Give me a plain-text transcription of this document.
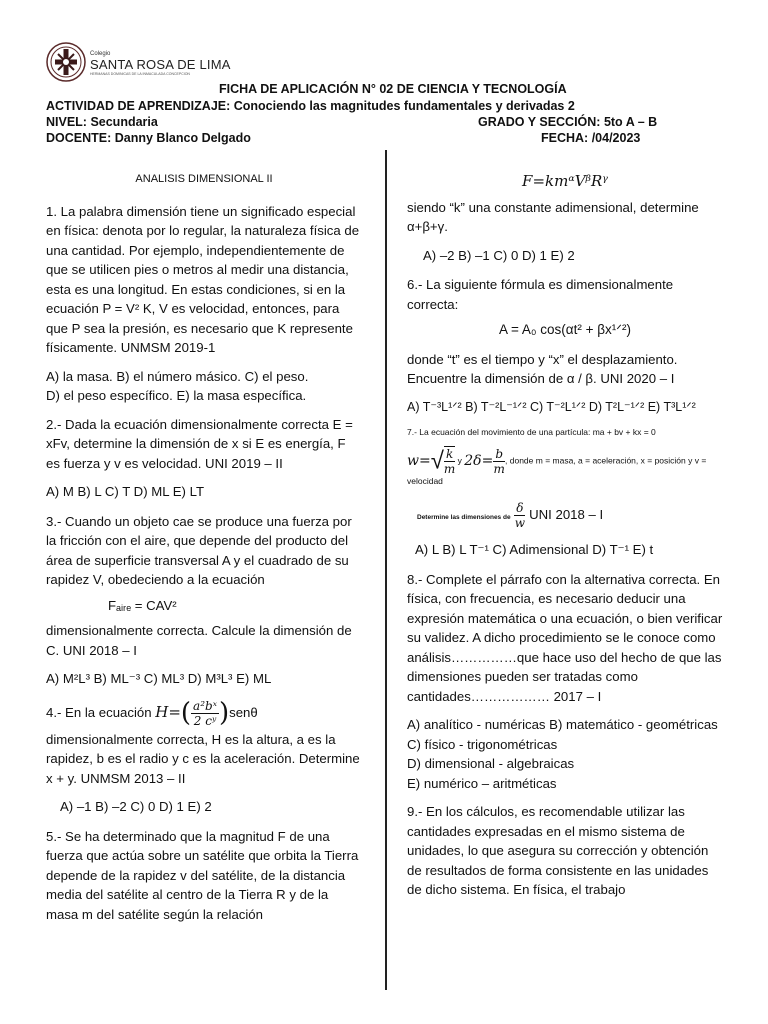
Colegio
SANTA ROSA DE LIMA
HERMANAS DOMINICAS DE LA INMACULADA CONCEPCION
FICHA DE APLICACIÓN N° 02 DE CIENCIA Y TECNOLOGÍA
ACTIVIDAD DE APRENDIZAJE: Conociendo las magnitudes fundamentales y derivadas 2
NIVEL: Secundaria	GRADO Y SECCIÓN: 5to A – B
DOCENTE: Danny Blanco Delgado	FECHA: /04/2023

ANALISIS DIMENSIONAL II

1. La palabra dimensión tiene un significado especial en física: denota por lo regular, la naturaleza física de una cantidad. Por ejemplo, independientemente de que se utilicen pies o metros al medir una distancia, esta es una longitud. En estas condiciones, si en la ecuación P = V² K, V es velocidad, entonces, para que P sea la presión, es necesario que K represente físicamente. UNMSM 2019-1

A) la masa. B) el número másico. C) el peso.
D) el peso específico. E) la masa específica.

2.- Dada la ecuación dimensionalmente correcta E = xFv, determine la dimensión de x si E es energía, F es fuerza y v es velocidad. UNI 2019 – II

A) M B) L C) T D) ML E) LT

3.- Cuando un objeto cae se produce una fuerza por la fricción con el aire, que depende del producto del área de superficie transversal A y el cuadrado de su rapidez V, obedeciendo a la ecuación

Fₐᵢᵣₑ = CAV²

dimensionalmente correcta. Calcule la dimensión de C. UNI 2018 – I

A) M²L³ B) ML⁻³ C) ML³ D) M³L³ E) ML

4.- En la ecuación $H=( \frac{\text{a²bˣ}}{\text{2 cʸ}} )sen\theta$

dimensionalmente correcta, H es la altura, a es la rapidez, b es el radio y c es la aceleración. Determine x + y. UNMSM 2013 – II

A) –1 B) –2 C) 0 D) 1 E) 2

5.- Se ha determinado que la magnitud F de una fuerza que actúa sobre un satélite que orbita la Tierra depende de la rapidez v del satélite, de la distancia media del satélite al centro de la Tierra R y de la masa m del satélite según la relación

F=kmᵅVᵝRᵞ

siendo “k” una constante adimensional, determine α+β+γ.

A) –2 B) –1 C) 0 D) 1 E) 2

6.- La siguiente fórmula es dimensionalmente correcta:

A = A₀ cos(αt² + βx¹ᐟ²)

donde “t” es el tiempo y “x” el desplazamiento. Encuentre la dimensión de α / β. UNI 2020 – I

A) T⁻³L¹ᐟ² B) T⁻²L⁻¹ᐟ² C) T⁻²L¹ᐟ² D) T²L⁻¹ᐟ² E) T³L¹ᐟ²

7.- La ecuación del movimiento de una partícula: ma + bv + kx = 0

$w=√ \frac{k}{m}$ y $2\delta= \frac{b}{m}$ , donde m = masa, a = aceleración, x = posición y v = velocidad
Determine las dimensiones de $\frac{\delta}{w}$ UNI 2018 – I

A) L B) L T⁻¹ C) Adimensional D) T⁻¹ E) t

8.- Complete el párrafo con la alternativa correcta. En física, con frecuencia, es necesario deducir una expresión matemática o una ecuación, o bien verificar su validez. A dicho procedimiento se le conoce como análisis……………que hace uso del hecho de que las dimensiones pueden ser tratadas como cantidades……………… 2017 – I

A) analítico - numéricas B) matemático - geométricas C) físico - trigonométricas
D) dimensional - algebraicas
E) numérico – aritméticas

9.- En los cálculos, es recomendable utilizar las cantidades expresadas en el mismo sistema de unidades, lo que asegura su corrección y obtención de resultados de forma consistente en las unidades de dicho sistema. En física, el trabajo
